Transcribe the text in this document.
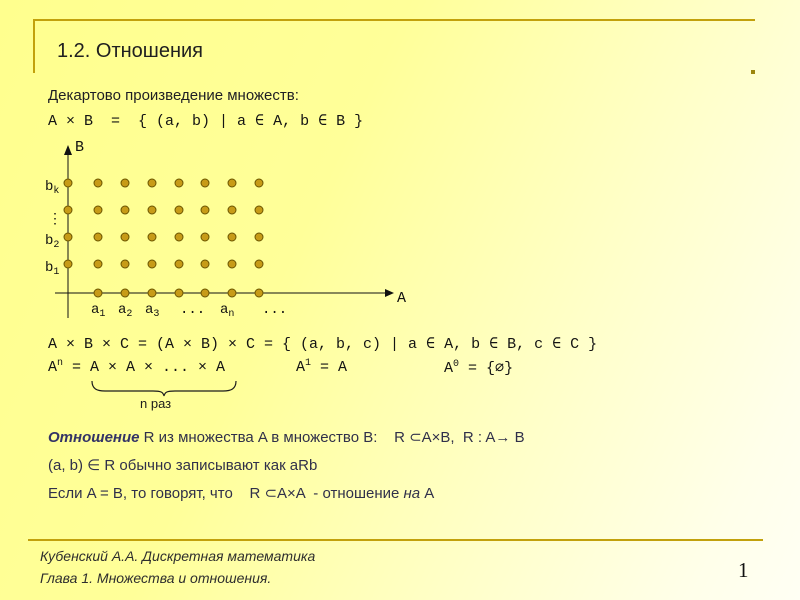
1.2. Отношения
Декартово произведение множеств:
A × B  =  { (a, b) | a ∈ A, b ∈ B }
B
A
$b_k$
⋮
$b_2$
$b_1$
$a_1$ $a_2$ $a_3$ ... $a_n$ ...
A × B × C = (A × B) × C = { (a, b, c) | a ∈ A, b ∈ B, c ∈ C }
$A^n = A \times A$ × ... × A	$A^1 = A$	$A^0$ = {∅}
n раз
Отношение R из множества A в множество B:    R ⊂A×B,  R : A→ B
(a, b) ∈ R обычно записывают как aRb
Если A = B, то говорят, что    R ⊂A×A  - отношение на A
Кубенский А.А. Дискретная математика
Глава 1. Множества и отношения.	1
